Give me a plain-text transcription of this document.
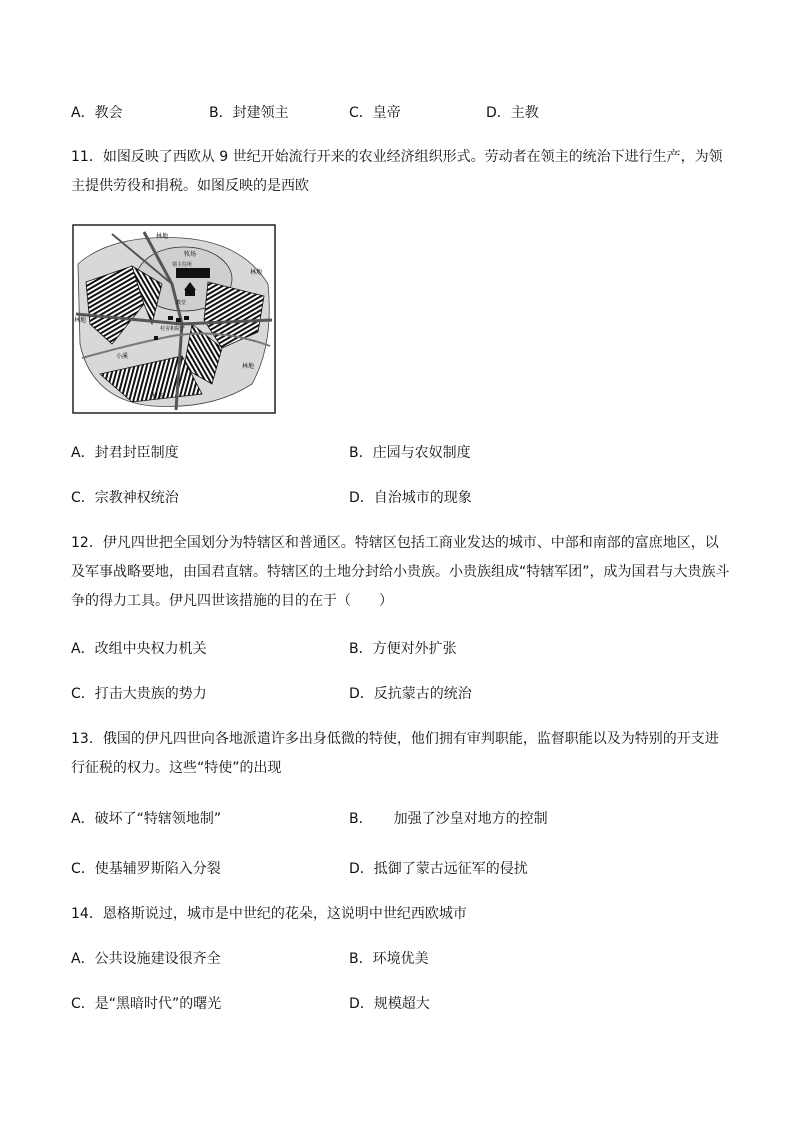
A．教会	B．封建领主	C．皇帝	D．主教
11．如图反映了西欧从 9 世纪开始流行开来的农业经济组织形式。劳动者在领主的统治下进行生产，为领主提供劳役和捐税。如图反映的是西欧
林地
林地
林地
林地
牧场
领主住所
教堂
小溪
村舍和院子
牧场
A．封君封臣制度	B．庄园与农奴制度
C．宗教神权统治	D．自治城市的现象
12．伊凡四世把全国划分为特辖区和普通区。特辖区包括工商业发达的城市、中部和南部的富庶地区，以及军事战略要地，由国君直辖。特辖区的土地分封给小贵族。小贵族组成“特辖军团”，成为国君与大贵族斗争的得力工具。伊凡四世该措施的目的在于（　　）
A．改组中央权力机关	B．方便对外扩张
C．打击大贵族的势力	D．反抗蒙古的统治
13．俄国的伊凡四世向各地派遣许多出身低微的特使，他们拥有审判职能，监督职能以及为特别的开支进行征税的权力。这些“特使”的出现
A．破坏了“特辖领地制”	B．　　加强了沙皇对地方的控制
C．使基辅罗斯陷入分裂	D．抵御了蒙古远征军的侵扰
14．恩格斯说过，城市是中世纪的花朵，这说明中世纪西欧城市
A．公共设施建设很齐全	B．环境优美
C．是“黑暗时代”的曙光	D．规模超大
